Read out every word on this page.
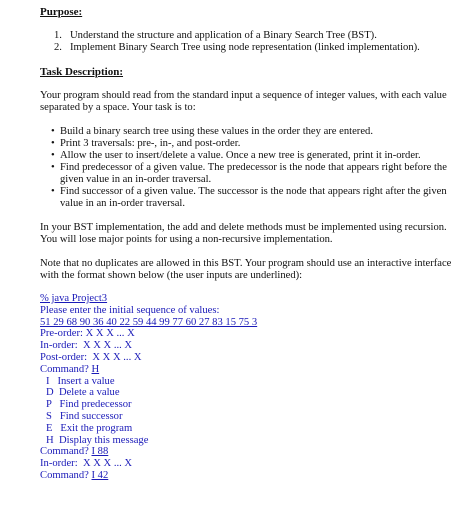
Purpose:
1. Understand the structure and application of a Binary Search Tree (BST).
2. Implement Binary Search Tree using node representation (linked implementation).
Task Description:
Your program should read from the standard input a sequence of integer values, with each value separated by a space. Your task is to:
• Build a binary search tree using these values in the order they are entered.
• Print 3 traversals: pre-, in-, and post-order.
• Allow the user to insert/delete a value. Once a new tree is generated, print it in-order.
• Find predecessor of a given value. The predecessor is the node that appears right before the given value in an in-order traversal.
• Find successor of a given value. The successor is the node that appears right after the given value in an in-order traversal.
In your BST implementation, the add and delete methods must be implemented using recursion. You will lose major points for using a non-recursive implementation.
Note that no duplicates are allowed in this BST. Your program should use an interactive interface with the format shown below (the user inputs are underlined):
% java Project3
Please enter the initial sequence of values:
51 29 68 90 36 40 22 59 44 99 77 60 27 83 15 75 3
Pre-order: X X X ... X
In-order:  X X X ... X
Post-order:  X X X ... X
Command? H
I   Insert a value
D  Delete a value
P   Find predecessor
S   Find successor
E   Exit the program
H  Display this message
Command? I 88
In-order:  X X X ... X
Command? I 42
